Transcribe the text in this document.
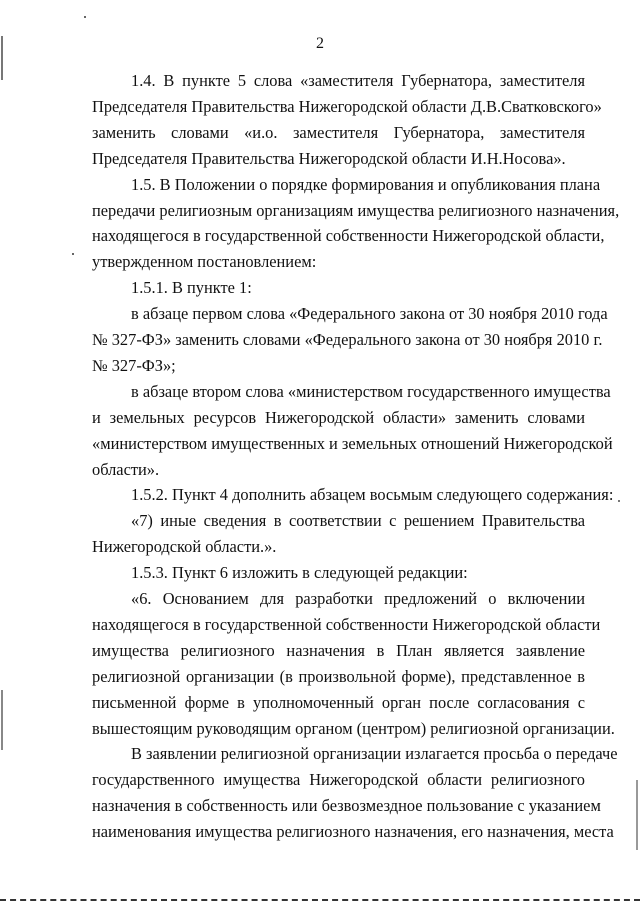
2
1.4. В пункте 5 слова «заместителя Губернатора, заместителя
Председателя Правительства Нижегородской области Д.В.Сватковского»
заменить словами «и.о. заместителя Губернатора, заместителя
Председателя Правительства Нижегородской области И.Н.Носова».
1.5. В Положении о порядке формирования и опубликования плана
передачи религиозным организациям имущества религиозного назначения,
находящегося в государственной собственности Нижегородской области,
утвержденном постановлением:
1.5.1. В пункте 1:
в абзаце первом слова «Федерального закона от 30 ноября 2010 года
№ 327-ФЗ» заменить словами «Федерального закона от 30 ноября 2010 г.
№ 327-ФЗ»;
в абзаце втором слова «министерством государственного имущества
и земельных ресурсов Нижегородской области» заменить словами
«министерством имущественных и земельных отношений Нижегородской
области».
1.5.2. Пункт 4 дополнить абзацем восьмым следующего содержания:
«7) иные сведения в соответствии с решением Правительства
Нижегородской области.».
1.5.3. Пункт 6 изложить в следующей редакции:
«6. Основанием для разработки предложений о включении
находящегося в государственной собственности Нижегородской области
имущества религиозного назначения в План является заявление
религиозной организации (в произвольной форме), представленное в
письменной форме в уполномоченный орган после согласования с
вышестоящим руководящим органом (центром) религиозной организации.
В заявлении религиозной организации излагается просьба о передаче
государственного имущества Нижегородской области религиозного
назначения в собственность или безвозмездное пользование с указанием
наименования имущества религиозного назначения, его назначения, места
